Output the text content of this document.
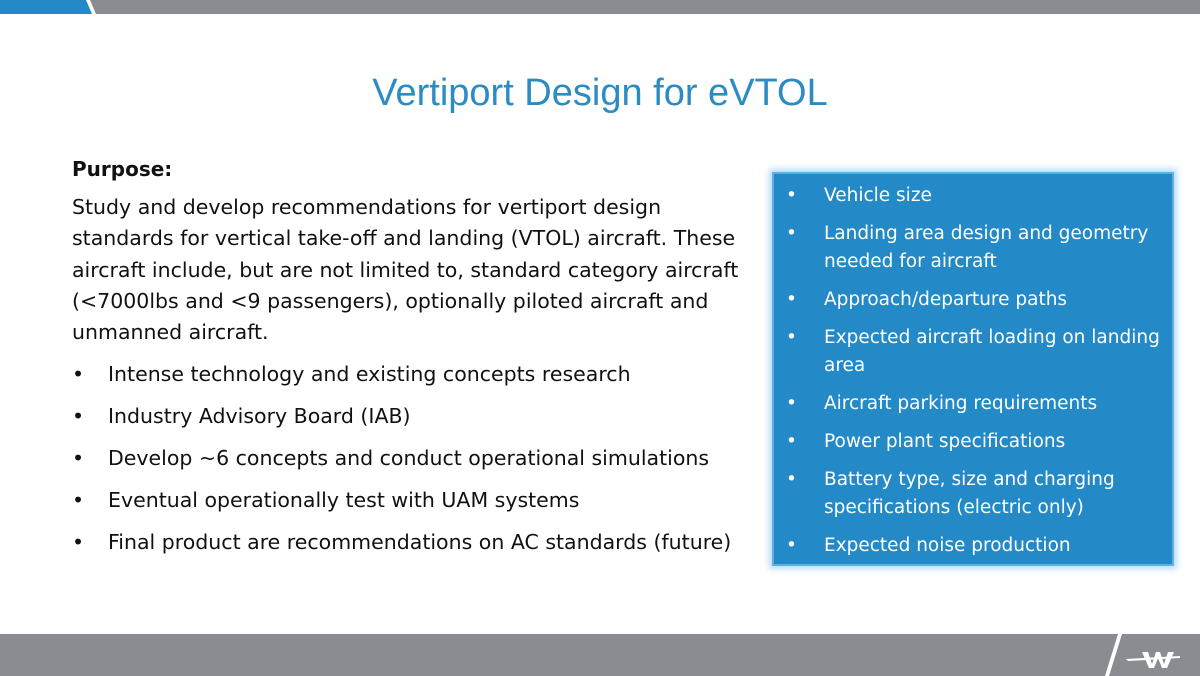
Vertiport Design for eVTOL

Purpose:

Study and develop recommendations for vertiport design standards for vertical take-off and landing (VTOL) aircraft. These aircraft include, but are not limited to, standard category aircraft (<7000lbs and <9 passengers), optionally piloted aircraft and unmanned aircraft.

• Intense technology and existing concepts research
• Industry Advisory Board (IAB)
• Develop ~6 concepts and conduct operational simulations
• Eventual operationally test with UAM systems
• Final product are recommendations on AC standards (future)
• Vehicle size
• Landing area design and geometry needed for aircraft
• Approach/departure paths
• Expected aircraft loading on landing area
• Aircraft parking requirements
• Power plant specifications
• Battery type, size and charging specifications (electric only)
• Expected noise production
